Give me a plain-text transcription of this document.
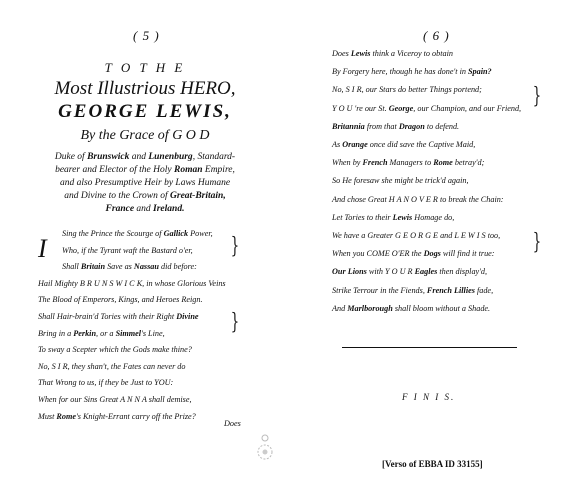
( 5 )
T O T H E
Most Illustrious HERO,
GEORGE LEWIS,
By the Grace of G O D
Duke of Brunswick and Lunenburg, Standard-
bearer and Elector of the Holy Roman Empire,
and also Presumptive Heir by Laws Humane
and Divine to the Crown of Great-Britain,
France and Ireland.
I
Sing the Prince the Scourge of Gallick Power,
Who, if the Tyrant waft the Bastard o'er,
Shall Britain Save as Nassau did before:
Hail Mighty B R U N S W I C K, in whose Glorious Veins
The Blood of Emperors, Kings, and Heroes Reign.
Shall Hair-brain'd Tories with their Right Divine
Bring in a Perkin, or a Simmel's Line,
To sway a Scepter which the Gods make thine?
No, S I R, they shan't, the Fates can never do
That Wrong to us, if they be Just to YOU:
When for our Sins Great A N N A shall demise,
Must Rome's Knight-Errant carry off the Prize?
}
}
Does
( 6 )
Does Lewis think a Viceroy to obtain
By Forgery here, though he has done't in Spain?
No, S I R, our Stars do better Things portend;
Y O U 're our St. George, our Champion, and our Friend,
Britannia from that Dragon to defend.
As Orange once did save the Captive Maid,
When by French Managers to Rome betray'd;
So He foresaw she might be trick'd again,
And chose Great H A N O V E R to break the Chain:
Let Tories to their Lewis Homage do,
We have a Greater G E O R G E and L E W I S too,
When you COME O'ER the Dogs will find it true:
Our Lions with Y O U R Eagles then display'd,
Strike Terrour in the Fiends, French Lillies fade,
And Marlborough shall bloom without a Shade.
}
}
F I N I S.
[Verso of EBBA ID 33155]
